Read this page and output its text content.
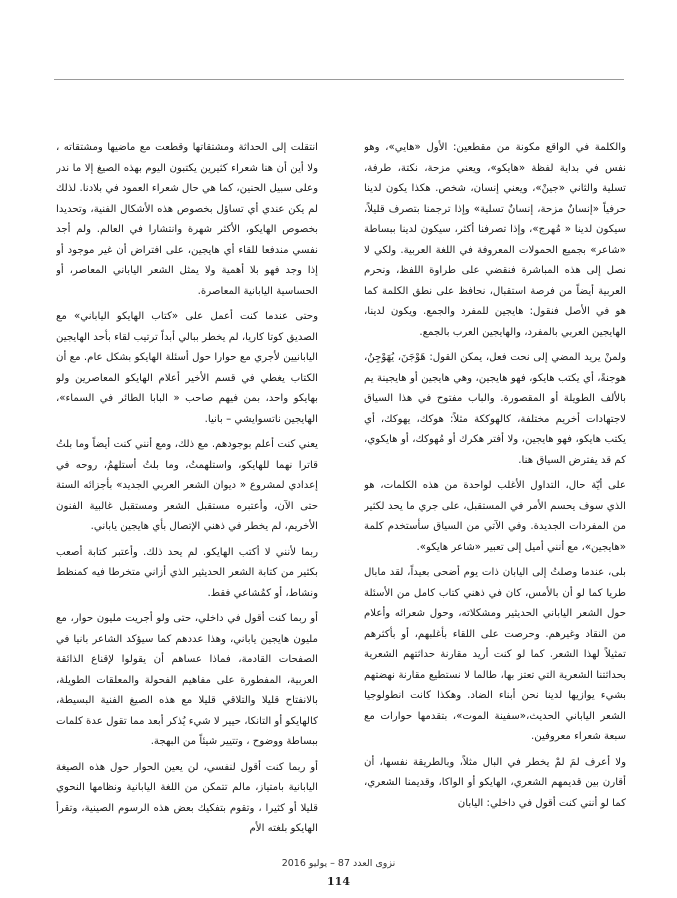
والكلمة في الواقع مكونة من مقطعين: الأول «هايي»، وهو نفس في بداية لفظة «هايكو»، ويعني مزحة، نكتة، طرفة، تسلية والثاني «جينْ»، ويعني إنسان، شخص. هكذا يكون لدينا حرفياً «إنسانٌ مزحة، إنسانٌ تسلية» وإذا ترجمنا بتصرف قليلاً، سيكون لدينا « مُهرج»، وإذا تصرفنا أكثر، سيكون لدينا ببساطة «شاعر» بجميع الحمولات المعروفة في اللغة العربية. ولكي لا نصل إلى هذه المباشرة فنقضي على طراوة اللفظ، ونحرم العربية أيضاً من فرصة استقبال، نحافظ على نطق الكلمة كما هو في الأصل فنقول: هايجين للمفرد والجمع. ويكون لدينا، الهايجين العربي بالمفرد، والهايجين العرب بالجمع.

ولمنْ يريد المضي إلى نحت فعل، يمكن القول: هَوْجَنَ، يُهَوْجِنُ، هوجنةً، أي يكتب هايكو، فهو هايجين، وهي هايجين أو هايجينة يم بالألف الطويلة أو المقصورة. والباب مفتوح في هذا السياق لاجتهادات أخريم مختلفة، كالهوككة مثلاً: هوكك، يهوكك، أي يكتب هايكو، فهو هايجين، ولا أفتر هكرك أو مُهوكك، أو هايكوي، كم قد يفترض السياق هنا.

على أيّة حال، التداول الأغلب لواحدة من هذه الكلمات، هو الذي سوف يحسم الأمر في المستقبل، على جري ما يحد لكثير من المفردات الجديدة. وفي الآتي من السياق سأستخدم كلمة «هايجين»، مع أنني أميل إلى تعبير «شاعر هايكو».

بلى، عندما وصلتُ إلى اليابان ذات يوم أضحى بعيداً، لقد مابال طريا كما لو أن بالأمس، كان في ذهني كتاب كامل من الأسئلة حول الشعر الياباني الحديثير ومشكلاته، وحول شعرائه وأعلام من النقاد وغيرهم. وحرصت على اللقاء بأغلبهم، أو بأكثرهم تمثيلاً لهذا الشعر. كما لو كنت أريد مقارنة حداثتهم الشعرية بحداثتنا الشعرية التي تعتز بها، طالما لا نستطيع مقارنة نهضتهم بشيء يوازيها لدينا نحن أبناء الضاد. وهكذا كانت انطولوجيا الشعر الياباني الحديث،«سفينة الموت»، بتقدمها حوارات مع سبعة شعراء معروفين.

ولا أعرف لمَ لمْ يخطر في البال مثلاً، وبالطريقة نفسها، أن أقارن بين قديمهم الشعري، الهايكو أو الواكا، وقديمنا الشعري، كما لو أنني كنت أقول في داخلي: اليابان

انتقلت إلى الحداثة ومشتقاتها وقطعت مع ماضيها ومشتقاته ، ولا أين أن هنا شعراء كثيرين يكتبون اليوم بهذه الصيغ إلا ما ندر وعلى سبيل الحنين، كما هي حال شعراء العمود في بلادنا. لذلك لم يكن عندي أي تساؤل بخصوص هذه الأشكال الفنية، وتحديدا بخصوص الهايكو، الأكثر شهرة وانتشارا في العالم. ولم أجد نفسي مندفعا للقاء أي هايجين، على افتراض أن غير موجود أو إذا وجد فهو بلا أهمية ولا يمثل الشعر الياباني المعاصر، أو الحساسية اليابانية المعاصرة.

وحتى عندما كنت أعمل على «كتاب الهايكو الياباني» مع الصديق كوتا كاريا، لم يخطر ببالي أبداً ترتيب لقاء بأحد الهايجين اليابانيين لأجري مع حوارا حول أسئلة الهايكو بشكل عام. مع أن الكتاب يغطي في قسم الأخير أعلام الهايكو المعاصرين ولو بهايكو واحد، بمن فيهم صاحب « البابا الطائر في السماء»، الهايجين ناتسوايشي – بانيا.

يعني كنت أعلم بوجودهم. مع ذلك، ومع أنني كنت أيضاً وما بلتُ قاترا نهما للهايكو، واستلهمتُ، وما بلتُ أستلهمُ، روحه في إعدادي لمشروع « ديوان الشعر العربي الجديد» بأجزائه الستة حتى الآن، وأعتبره مستقبل الشعر ومستقبل غالبية الفنون الأخريم، لم يخطر في ذهني الإتصال بأي هايجين ياباني.

ربما لأنني لا أكتب الهايكو. لم يحد ذلك. وأعتبر كتابة أصعب بكثير من كتابة الشعر الحديثير الذي أزاني متخرطا فيه كمنظط ونشاط، أو كمُشاعي فقط.

أو ربما كنت أقول في داخلي، حتى ولو أجريت مليون حوار، مع مليون هايجين ياباني، وهذا عددهم كما سيؤكد الشاعر بانيا في الصفحات القادمة، فماذا عساهم أن يقولوا لإقناع الذائقة العربية، المفطورة على مفاهيم الفحولة والمعلقات الطويلة، بالانفتاح قليلا والتلاقي قليلا مع هذه الصيغ الفنية البسيطة، كالهايكو أو التانكا، حيير لا شيء يُذكر أبعد مما تقول عدة كلمات ببساطة ووضوح ، وتتيير شيئاً من البهجة.

أو ربما كنت أقول لنفسي، لن يعين الحوار حول هذه الصيغة اليابانية بامتياز، مالم تتمكن من اللغة اليابانية ونظامها النحوي قليلا أو كثيرا ، وتقوم بتفكيك بعض هذه الرسوم الصينية، وتقرأ الهايكو بلغته الأم

نزوى العدد 87 – يوليو 2016
114
